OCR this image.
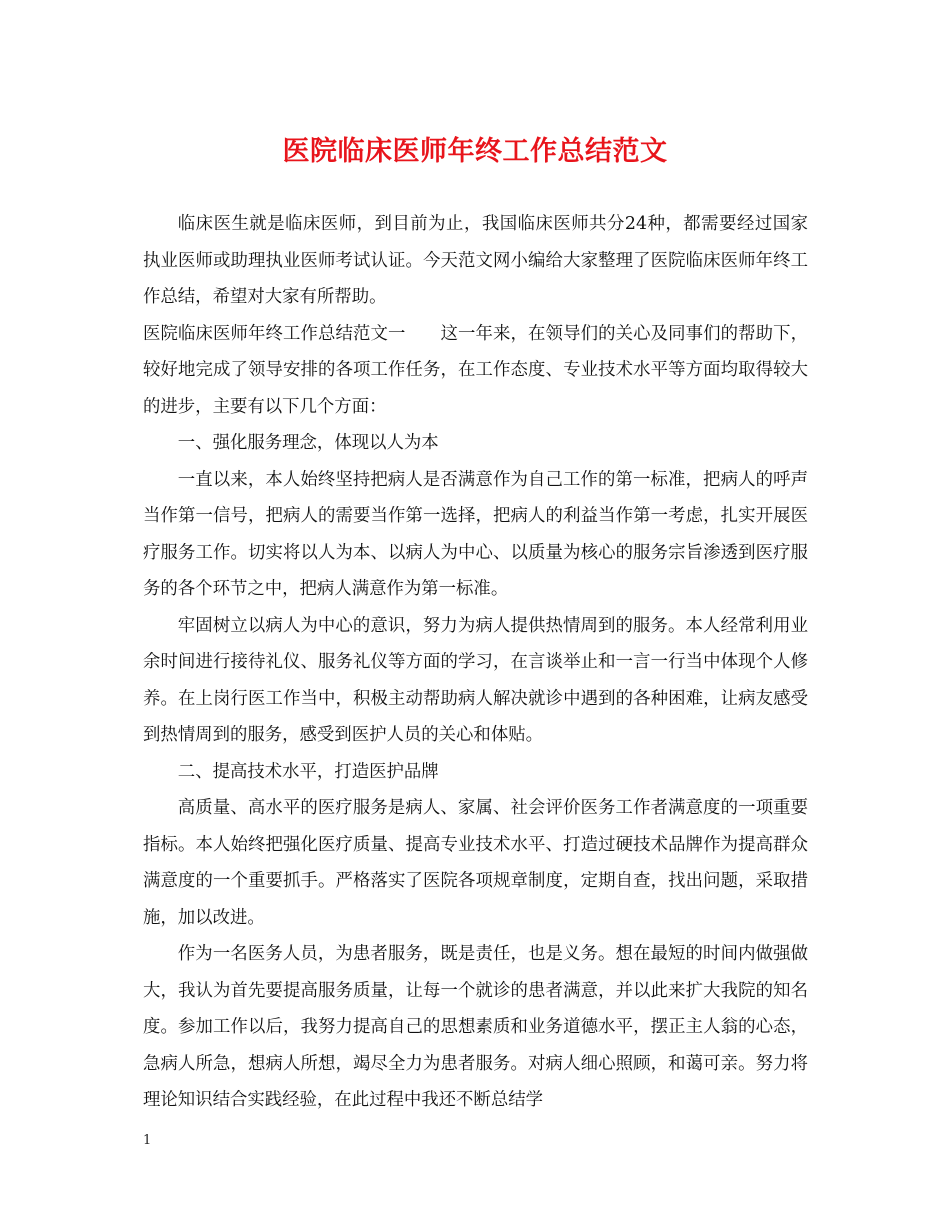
医院临床医师年终工作总结范文

临床医生就是临床医师，到目前为止，我国临床医师共分24种，都需要经过国家执业医师或助理执业医师考试认证。今天范文网小编给大家整理了医院临床医师年终工作总结，希望对大家有所帮助。

医院临床医师年终工作总结范文一　　这一年来，在领导们的关心及同事们的帮助下，较好地完成了领导安排的各项工作任务，在工作态度、专业技术水平等方面均取得较大的进步，主要有以下几个方面：

一、强化服务理念，体现以人为本

一直以来，本人始终坚持把病人是否满意作为自己工作的第一标准，把病人的呼声当作第一信号，把病人的需要当作第一选择，把病人的利益当作第一考虑，扎实开展医疗服务工作。切实将以人为本、以病人为中心、以质量为核心的服务宗旨渗透到医疗服务的各个环节之中，把病人满意作为第一标准。

牢固树立以病人为中心的意识，努力为病人提供热情周到的服务。本人经常利用业余时间进行接待礼仪、服务礼仪等方面的学习，在言谈举止和一言一行当中体现个人修养。在上岗行医工作当中，积极主动帮助病人解决就诊中遇到的各种困难，让病友感受到热情周到的服务，感受到医护人员的关心和体贴。

二、提高技术水平，打造医护品牌

高质量、高水平的医疗服务是病人、家属、社会评价医务工作者满意度的一项重要指标。本人始终把强化医疗质量、提高专业技术水平、打造过硬技术品牌作为提高群众满意度的一个重要抓手。严格落实了医院各项规章制度，定期自查，找出问题，采取措施，加以改进。

作为一名医务人员，为患者服务，既是责任，也是义务。想在最短的时间内做强做大，我认为首先要提高服务质量，让每一个就诊的患者满意，并以此来扩大我院的知名度。参加工作以后，我努力提高自己的思想素质和业务道德水平，摆正主人翁的心态，急病人所急，想病人所想，竭尽全力为患者服务。对病人细心照顾，和蔼可亲。努力将理论知识结合实践经验，在此过程中我还不断总结学

1
